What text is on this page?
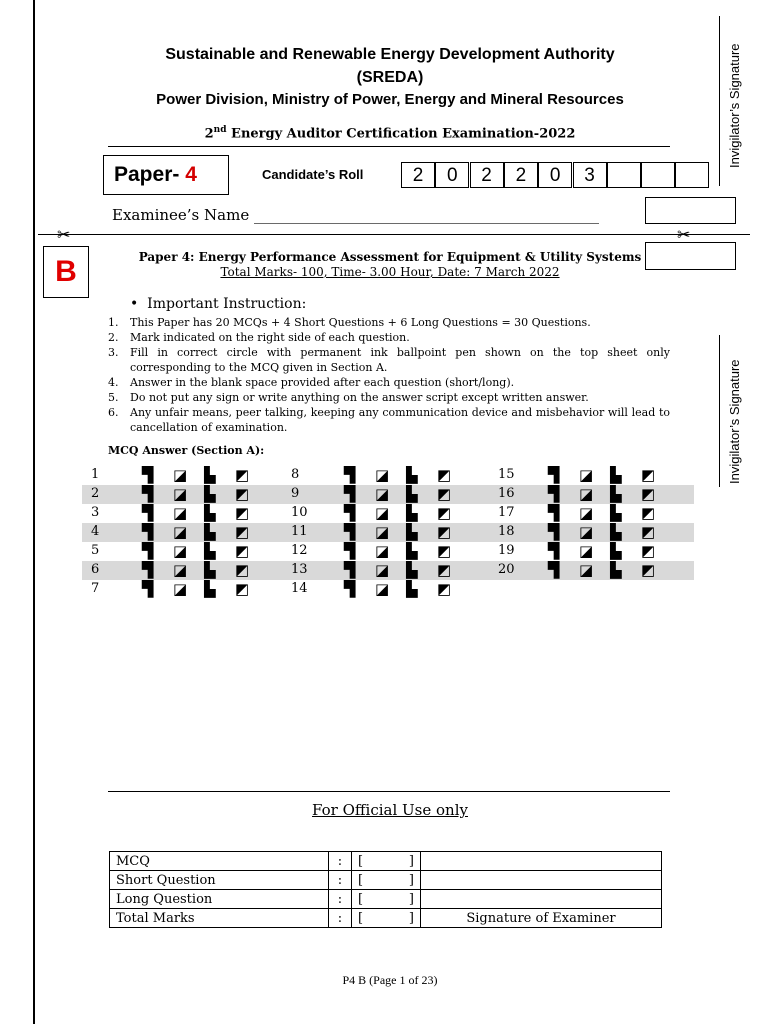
Sustainable and Renewable Energy Development Authority
(SREDA)
Power Division, Ministry of Power, Energy and Mineral Resources
2nd Energy Auditor Certification Examination-2022
Paper- 4	Candidate’s Roll	2	0	2	2	0	3
Examinee’s Name ______________________________________________
✂	✂
B
Invigilator’s Signature
Invigilator’s Signature
Paper 4: Energy Performance Assessment for Equipment & Utility Systems
Total Marks- 100, Time- 3.00 Hour, Date: 7 March 2022
•  Important Instruction:
1.	This Paper has 20 MCQs + 4 Short Questions + 6 Long Questions = 30 Questions.
2.	Mark indicated on the right side of each question.
3.	Fill in correct circle with permanent ink ballpoint pen shown on the top sheet only corresponding to the MCQ given in Section A.
4.	Answer in the blank space provided after each question (short/long).
5.	Do not put any sign or write anything on the answer script except written answer.
6.	Any unfair means, peer talking, keeping any communication device and misbehavior will lead to cancellation of examination.
MCQ Answer (Section A):
1	▜ ◪ ▙ ◩	8	▜ ◪ ▙ ◩	15 ▜ ◪ ▙ ◩
2	▜ ◪ ▙ ◩	9	▜ ◪ ▙ ◩	16 ▜ ◪ ▙ ◩
3	▜ ◪ ▙ ◩	10 ▜ ◪ ▙ ◩	17 ▜ ◪ ▙ ◩
4	▜ ◪ ▙ ◩	11 ▜ ◪ ▙ ◩	18 ▜ ◪ ▙ ◩
5	▜ ◪ ▙ ◩	12 ▜ ◪ ▙ ◩	19 ▜ ◪ ▙ ◩
6	▜ ◪ ▙ ◩	13 ▜ ◪ ▙ ◩	20 ▜ ◪ ▙ ◩
7	▜ ◪ ▙ ◩	14 ▜ ◪ ▙ ◩
For Official Use only
MCQ	:	[ ]	

Short Question	:	[ ]	

Long Question	:	[ ]	

Total Marks	:	[ ]	Signature of Examiner
P4 B (Page 1 of 23)
